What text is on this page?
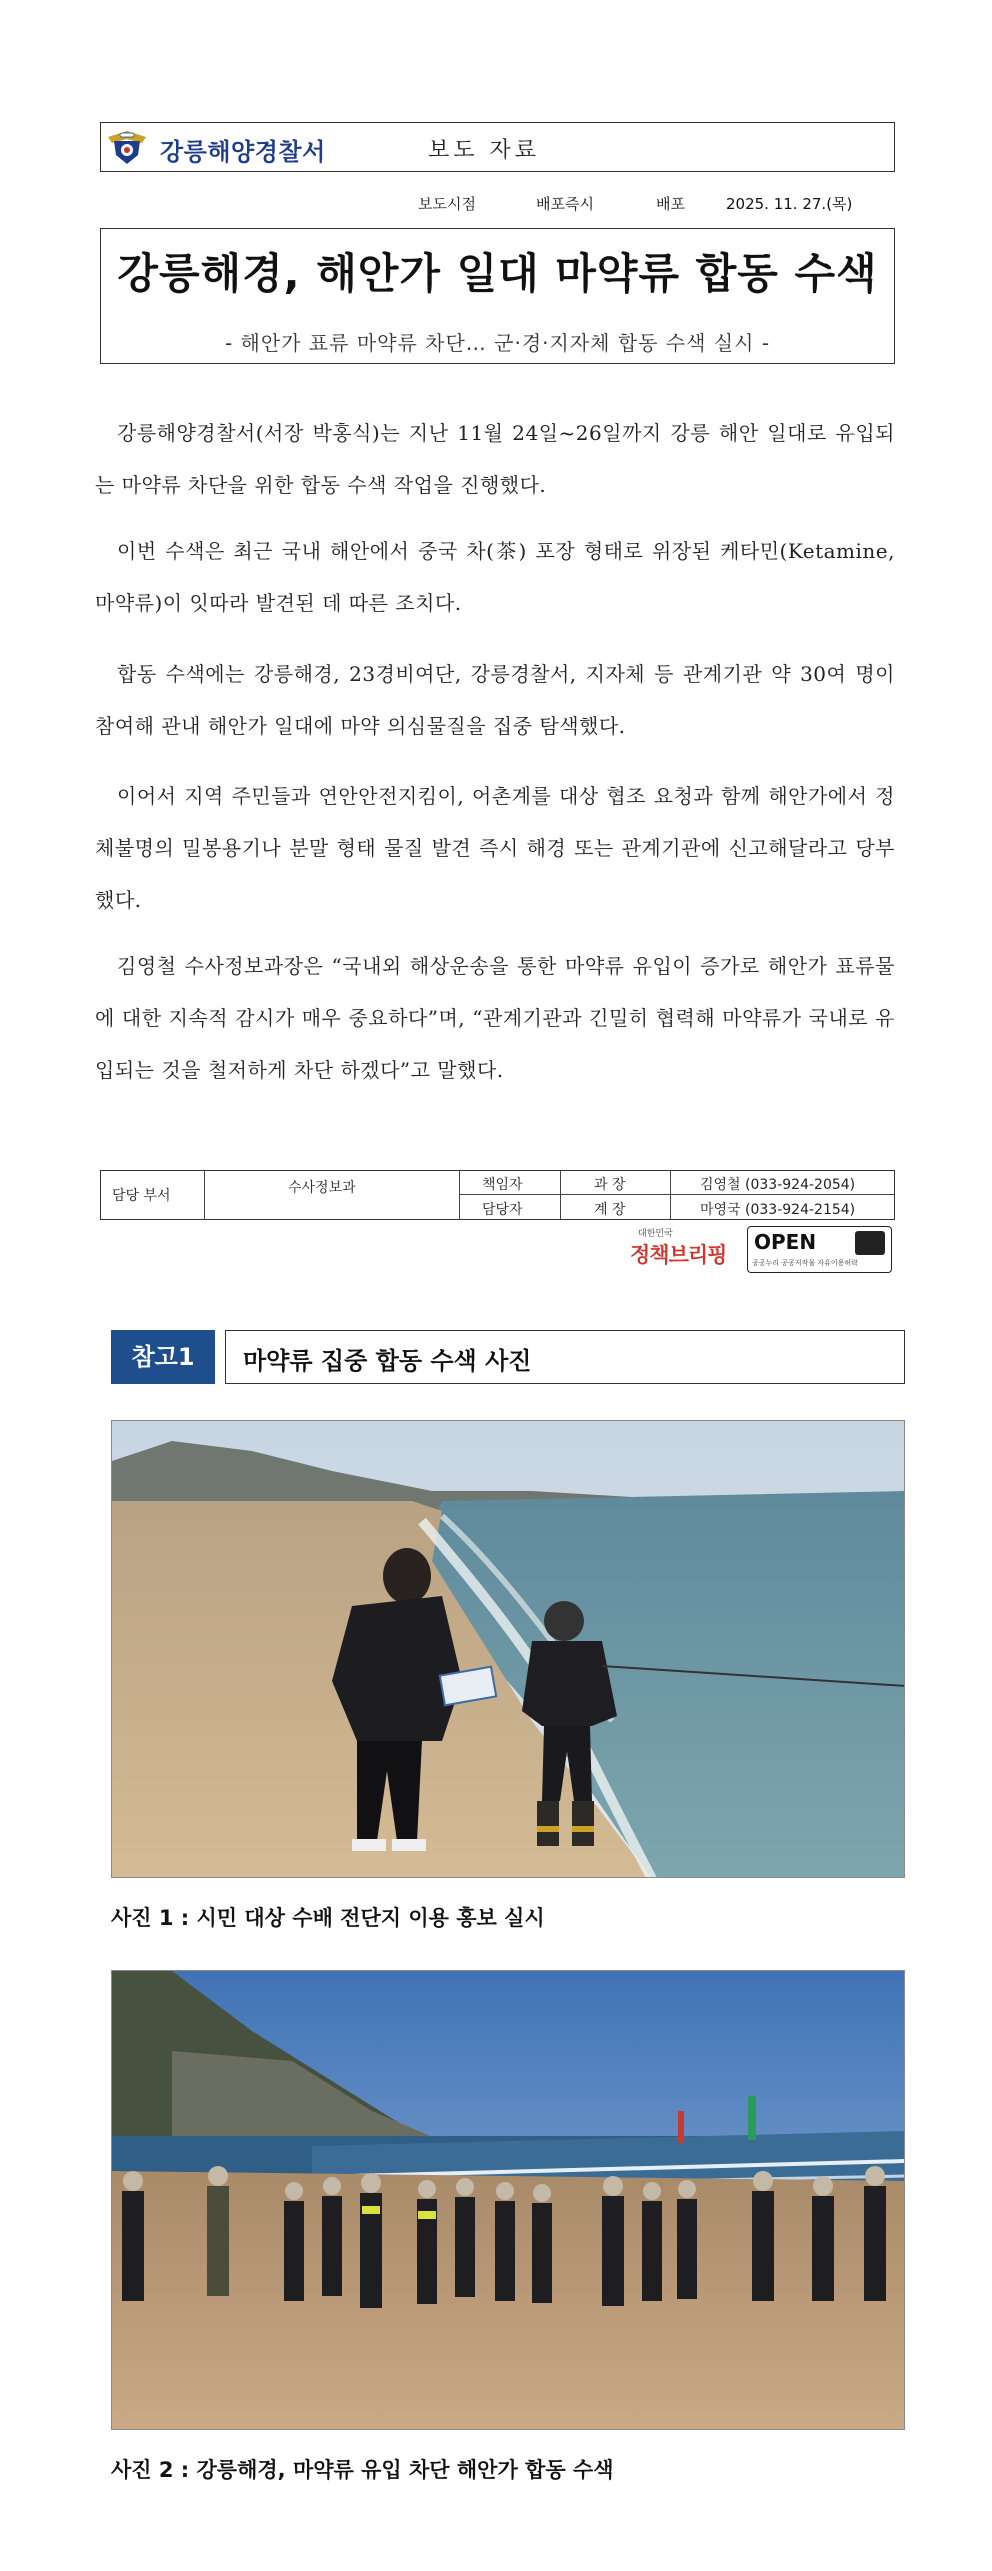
강릉해양경찰서	보도 자료
보도시점	배포즉시	배포	2025. 11. 27.(목)
강릉해경, 해안가 일대 마약류 합동 수색
- 해안가 표류 마약류 차단… 군·경·지자체 합동 수색 실시 -
강릉해양경찰서(서장 박홍식)는 지난 11월 24일~26일까지 강릉 해안 일대로 유입되는 마약류 차단을 위한 합동 수색 작업을 진행했다.
이번 수색은 최근 국내 해안에서 중국 차(茶) 포장 형태로 위장된 케타민(Ketamine, 마약류)이 잇따라 발견된 데 따른 조치다.
합동 수색에는 강릉해경, 23경비여단, 강릉경찰서, 지자체 등 관계기관 약 30여 명이 참여해 관내 해안가 일대에 마약 의심물질을 집중 탐색했다.
이어서 지역 주민들과 연안안전지킴이, 어촌계를 대상 협조 요청과 함께 해안가에서 정체불명의 밀봉용기나 분말 형태 물질 발견 즉시 해경 또는 관계기관에 신고해달라고 당부했다.
김영철 수사정보과장은 “국내외 해상운송을 통한 마약류 유입이 증가로 해안가 표류물에 대한 지속적 감시가 매우 중요하다”며, “관계기관과 긴밀히 협력해 마약류가 국내로 유입되는 것을 철저하게 차단 하겠다”고 말했다.
담당 부서	수사정보과	책임자	과 장	김영철 (033-924-2054)
담당자	계 장	마영국 (033-924-2154)
대한민국
정책브리핑
OPEN
공공누리 공공저작물 자유이용허락
참고1	마약류 집중 합동 수색 사진
사진 1 : 시민 대상 수배 전단지 이용 홍보 실시
사진 2 : 강릉해경, 마약류 유입 차단 해안가 합동 수색
